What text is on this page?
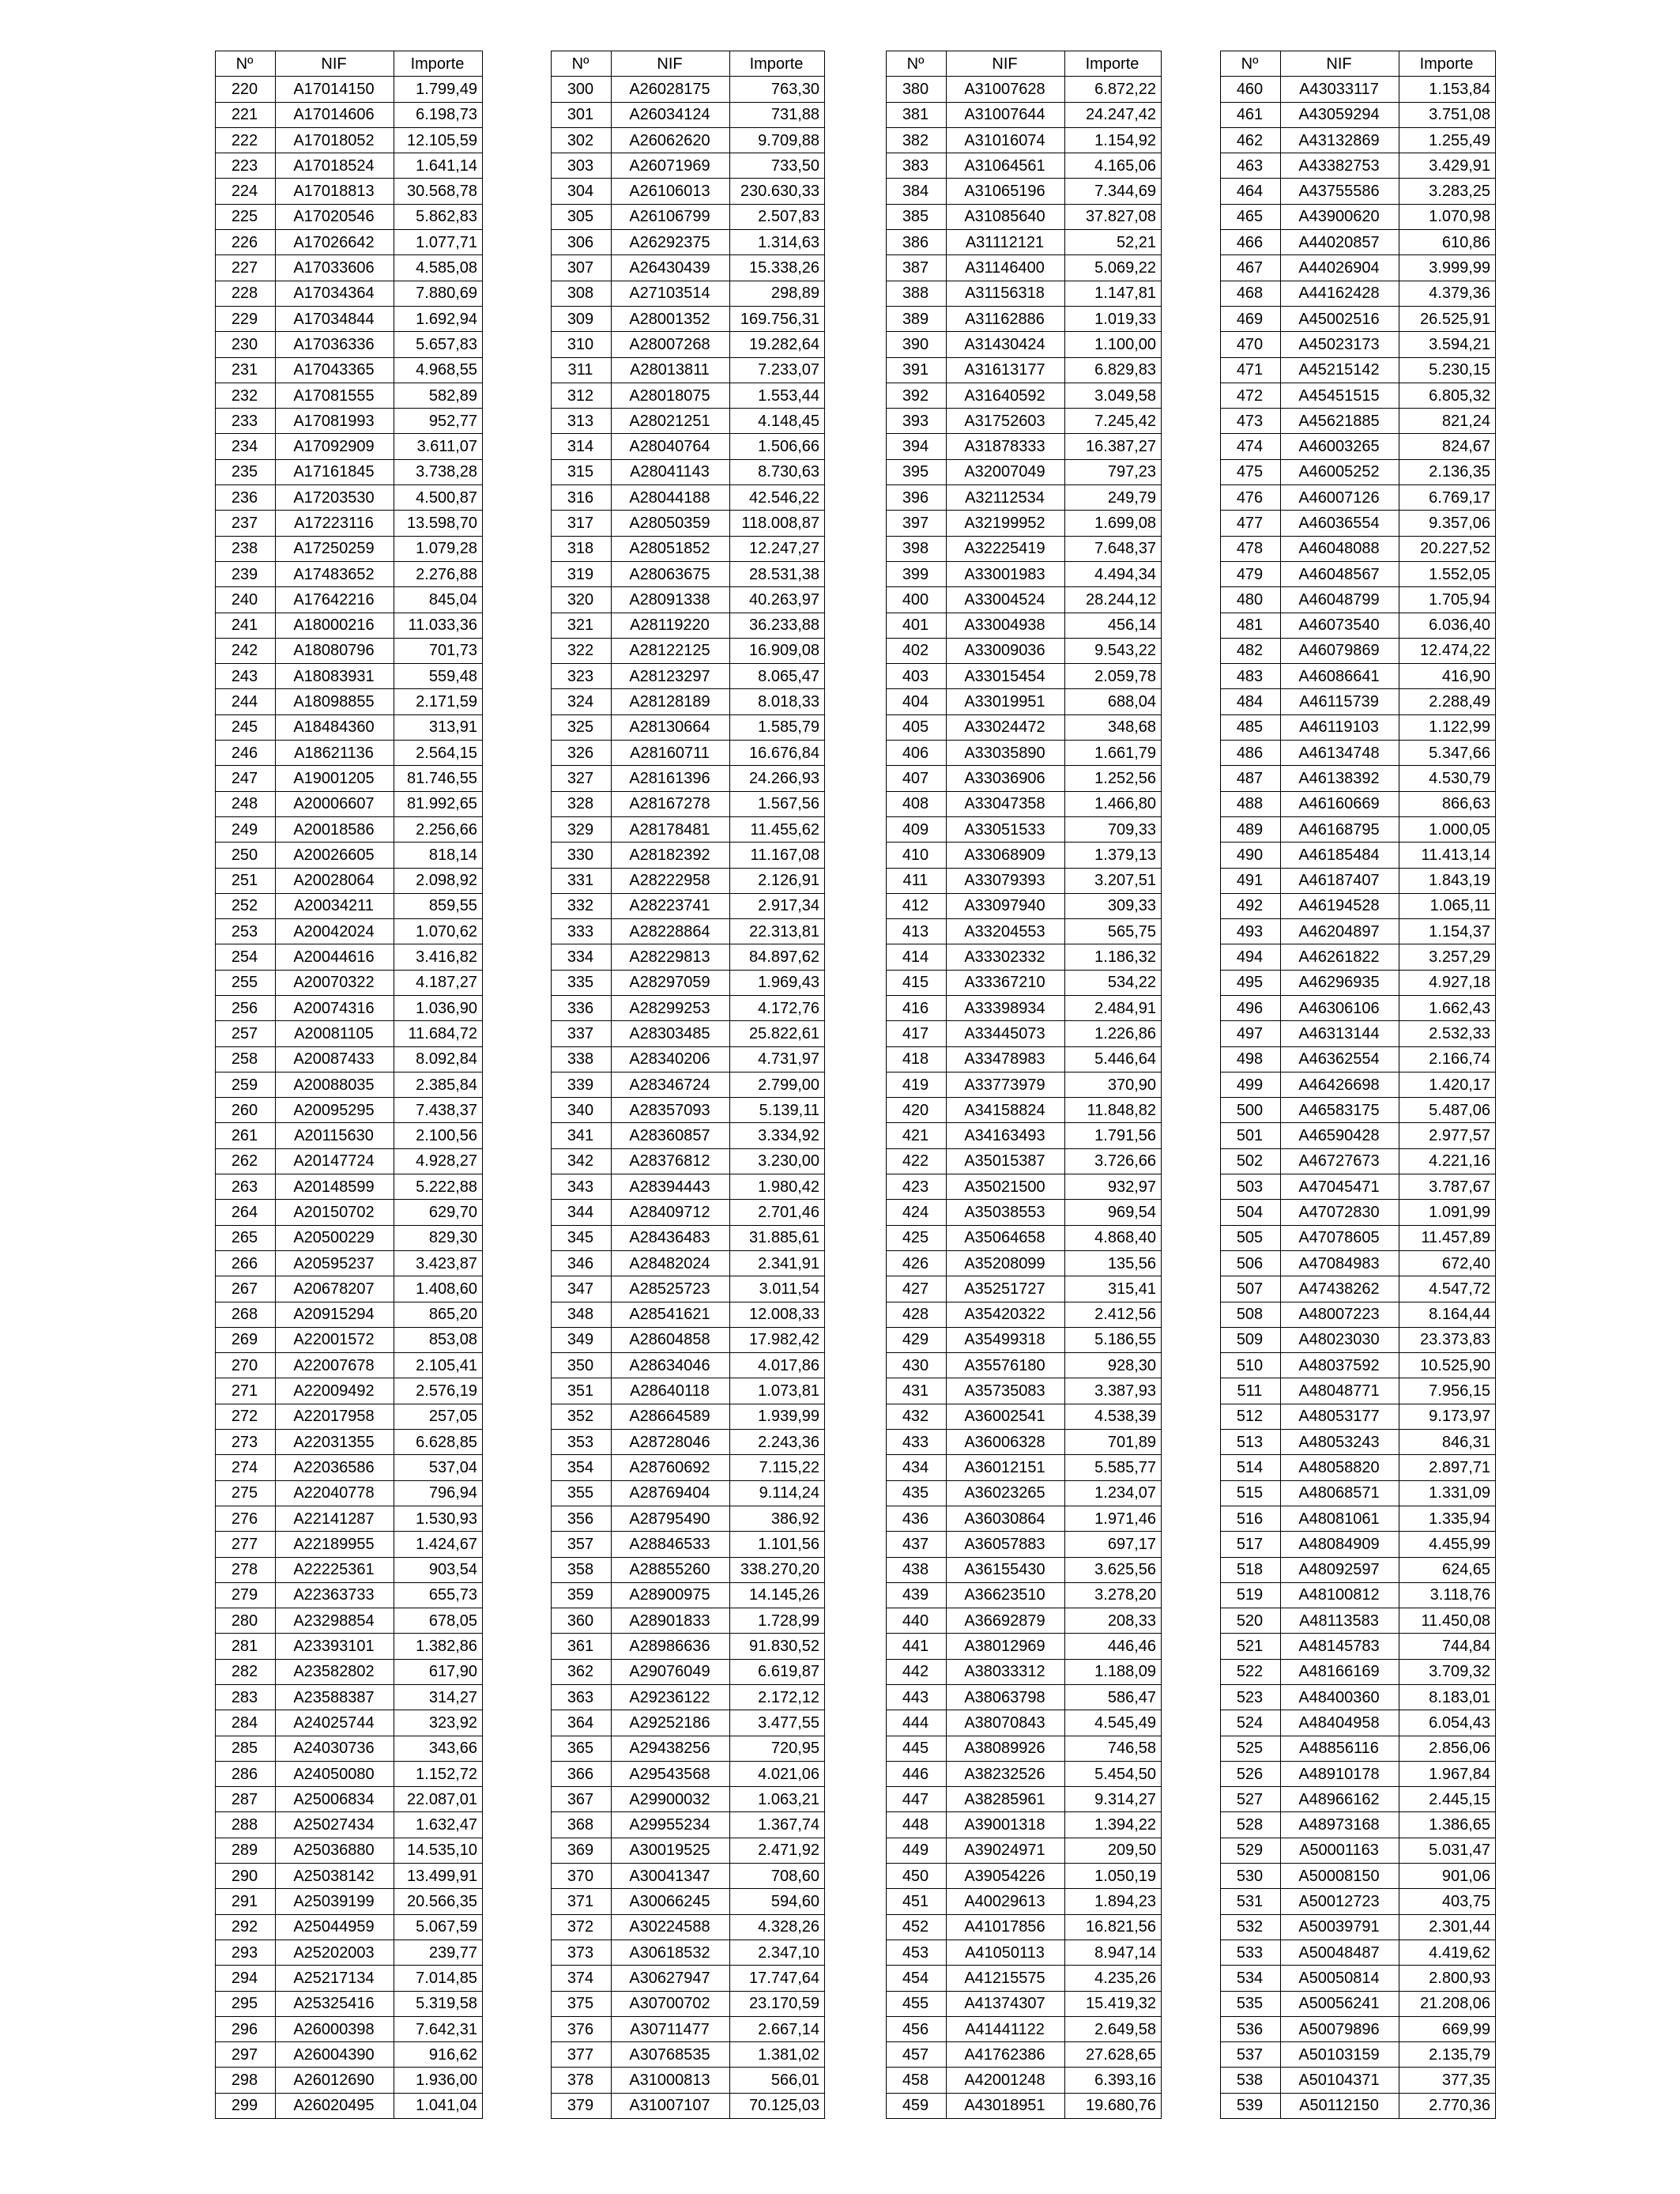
Nº	NIF	Importe
220	A17014150	1.799,49
221	A17014606	6.198,73
222	A17018052	12.105,59
223	A17018524	1.641,14
224	A17018813	30.568,78
225	A17020546	5.862,83
226	A17026642	1.077,71
227	A17033606	4.585,08
228	A17034364	7.880,69
229	A17034844	1.692,94
230	A17036336	5.657,83
231	A17043365	4.968,55
232	A17081555	582,89
233	A17081993	952,77
234	A17092909	3.611,07
235	A17161845	3.738,28
236	A17203530	4.500,87
237	A17223116	13.598,70
238	A17250259	1.079,28
239	A17483652	2.276,88
240	A17642216	845,04
241	A18000216	11.033,36
242	A18080796	701,73
243	A18083931	559,48
244	A18098855	2.171,59
245	A18484360	313,91
246	A18621136	2.564,15
247	A19001205	81.746,55
248	A20006607	81.992,65
249	A20018586	2.256,66
250	A20026605	818,14
251	A20028064	2.098,92
252	A20034211	859,55
253	A20042024	1.070,62
254	A20044616	3.416,82
255	A20070322	4.187,27
256	A20074316	1.036,90
257	A20081105	11.684,72
258	A20087433	8.092,84
259	A20088035	2.385,84
260	A20095295	7.438,37
261	A20115630	2.100,56
262	A20147724	4.928,27
263	A20148599	5.222,88
264	A20150702	629,70
265	A20500229	829,30
266	A20595237	3.423,87
267	A20678207	1.408,60
268	A20915294	865,20
269	A22001572	853,08
270	A22007678	2.105,41
271	A22009492	2.576,19
272	A22017958	257,05
273	A22031355	6.628,85
274	A22036586	537,04
275	A22040778	796,94
276	A22141287	1.530,93
277	A22189955	1.424,67
278	A22225361	903,54
279	A22363733	655,73
280	A23298854	678,05
281	A23393101	1.382,86
282	A23582802	617,90
283	A23588387	314,27
284	A24025744	323,92
285	A24030736	343,66
286	A24050080	1.152,72
287	A25006834	22.087,01
288	A25027434	1.632,47
289	A25036880	14.535,10
290	A25038142	13.499,91
291	A25039199	20.566,35
292	A25044959	5.067,59
293	A25202003	239,77
294	A25217134	7.014,85
295	A25325416	5.319,58
296	A26000398	7.642,31
297	A26004390	916,62
298	A26012690	1.936,00
299	A26020495	1.041,04
Nº	NIF	Importe
300	A26028175	763,30
301	A26034124	731,88
302	A26062620	9.709,88
303	A26071969	733,50
304	A26106013	230.630,33
305	A26106799	2.507,83
306	A26292375	1.314,63
307	A26430439	15.338,26
308	A27103514	298,89
309	A28001352	169.756,31
310	A28007268	19.282,64
311	A28013811	7.233,07
312	A28018075	1.553,44
313	A28021251	4.148,45
314	A28040764	1.506,66
315	A28041143	8.730,63
316	A28044188	42.546,22
317	A28050359	118.008,87
318	A28051852	12.247,27
319	A28063675	28.531,38
320	A28091338	40.263,97
321	A28119220	36.233,88
322	A28122125	16.909,08
323	A28123297	8.065,47
324	A28128189	8.018,33
325	A28130664	1.585,79
326	A28160711	16.676,84
327	A28161396	24.266,93
328	A28167278	1.567,56
329	A28178481	11.455,62
330	A28182392	11.167,08
331	A28222958	2.126,91
332	A28223741	2.917,34
333	A28228864	22.313,81
334	A28229813	84.897,62
335	A28297059	1.969,43
336	A28299253	4.172,76
337	A28303485	25.822,61
338	A28340206	4.731,97
339	A28346724	2.799,00
340	A28357093	5.139,11
341	A28360857	3.334,92
342	A28376812	3.230,00
343	A28394443	1.980,42
344	A28409712	2.701,46
345	A28436483	31.885,61
346	A28482024	2.341,91
347	A28525723	3.011,54
348	A28541621	12.008,33
349	A28604858	17.982,42
350	A28634046	4.017,86
351	A28640118	1.073,81
352	A28664589	1.939,99
353	A28728046	2.243,36
354	A28760692	7.115,22
355	A28769404	9.114,24
356	A28795490	386,92
357	A28846533	1.101,56
358	A28855260	338.270,20
359	A28900975	14.145,26
360	A28901833	1.728,99
361	A28986636	91.830,52
362	A29076049	6.619,87
363	A29236122	2.172,12
364	A29252186	3.477,55
365	A29438256	720,95
366	A29543568	4.021,06
367	A29900032	1.063,21
368	A29955234	1.367,74
369	A30019525	2.471,92
370	A30041347	708,60
371	A30066245	594,60
372	A30224588	4.328,26
373	A30618532	2.347,10
374	A30627947	17.747,64
375	A30700702	23.170,59
376	A30711477	2.667,14
377	A30768535	1.381,02
378	A31000813	566,01
379	A31007107	70.125,03
Nº	NIF	Importe
380	A31007628	6.872,22
381	A31007644	24.247,42
382	A31016074	1.154,92
383	A31064561	4.165,06
384	A31065196	7.344,69
385	A31085640	37.827,08
386	A31112121	52,21
387	A31146400	5.069,22
388	A31156318	1.147,81
389	A31162886	1.019,33
390	A31430424	1.100,00
391	A31613177	6.829,83
392	A31640592	3.049,58
393	A31752603	7.245,42
394	A31878333	16.387,27
395	A32007049	797,23
396	A32112534	249,79
397	A32199952	1.699,08
398	A32225419	7.648,37
399	A33001983	4.494,34
400	A33004524	28.244,12
401	A33004938	456,14
402	A33009036	9.543,22
403	A33015454	2.059,78
404	A33019951	688,04
405	A33024472	348,68
406	A33035890	1.661,79
407	A33036906	1.252,56
408	A33047358	1.466,80
409	A33051533	709,33
410	A33068909	1.379,13
411	A33079393	3.207,51
412	A33097940	309,33
413	A33204553	565,75
414	A33302332	1.186,32
415	A33367210	534,22
416	A33398934	2.484,91
417	A33445073	1.226,86
418	A33478983	5.446,64
419	A33773979	370,90
420	A34158824	11.848,82
421	A34163493	1.791,56
422	A35015387	3.726,66
423	A35021500	932,97
424	A35038553	969,54
425	A35064658	4.868,40
426	A35208099	135,56
427	A35251727	315,41
428	A35420322	2.412,56
429	A35499318	5.186,55
430	A35576180	928,30
431	A35735083	3.387,93
432	A36002541	4.538,39
433	A36006328	701,89
434	A36012151	5.585,77
435	A36023265	1.234,07
436	A36030864	1.971,46
437	A36057883	697,17
438	A36155430	3.625,56
439	A36623510	3.278,20
440	A36692879	208,33
441	A38012969	446,46
442	A38033312	1.188,09
443	A38063798	586,47
444	A38070843	4.545,49
445	A38089926	746,58
446	A38232526	5.454,50
447	A38285961	9.314,27
448	A39001318	1.394,22
449	A39024971	209,50
450	A39054226	1.050,19
451	A40029613	1.894,23
452	A41017856	16.821,56
453	A41050113	8.947,14
454	A41215575	4.235,26
455	A41374307	15.419,32
456	A41441122	2.649,58
457	A41762386	27.628,65
458	A42001248	6.393,16
459	A43018951	19.680,76
Nº	NIF	Importe
460	A43033117	1.153,84
461	A43059294	3.751,08
462	A43132869	1.255,49
463	A43382753	3.429,91
464	A43755586	3.283,25
465	A43900620	1.070,98
466	A44020857	610,86
467	A44026904	3.999,99
468	A44162428	4.379,36
469	A45002516	26.525,91
470	A45023173	3.594,21
471	A45215142	5.230,15
472	A45451515	6.805,32
473	A45621885	821,24
474	A46003265	824,67
475	A46005252	2.136,35
476	A46007126	6.769,17
477	A46036554	9.357,06
478	A46048088	20.227,52
479	A46048567	1.552,05
480	A46048799	1.705,94
481	A46073540	6.036,40
482	A46079869	12.474,22
483	A46086641	416,90
484	A46115739	2.288,49
485	A46119103	1.122,99
486	A46134748	5.347,66
487	A46138392	4.530,79
488	A46160669	866,63
489	A46168795	1.000,05
490	A46185484	11.413,14
491	A46187407	1.843,19
492	A46194528	1.065,11
493	A46204897	1.154,37
494	A46261822	3.257,29
495	A46296935	4.927,18
496	A46306106	1.662,43
497	A46313144	2.532,33
498	A46362554	2.166,74
499	A46426698	1.420,17
500	A46583175	5.487,06
501	A46590428	2.977,57
502	A46727673	4.221,16
503	A47045471	3.787,67
504	A47072830	1.091,99
505	A47078605	11.457,89
506	A47084983	672,40
507	A47438262	4.547,72
508	A48007223	8.164,44
509	A48023030	23.373,83
510	A48037592	10.525,90
511	A48048771	7.956,15
512	A48053177	9.173,97
513	A48053243	846,31
514	A48058820	2.897,71
515	A48068571	1.331,09
516	A48081061	1.335,94
517	A48084909	4.455,99
518	A48092597	624,65
519	A48100812	3.118,76
520	A48113583	11.450,08
521	A48145783	744,84
522	A48166169	3.709,32
523	A48400360	8.183,01
524	A48404958	6.054,43
525	A48856116	2.856,06
526	A48910178	1.967,84
527	A48966162	2.445,15
528	A48973168	1.386,65
529	A50001163	5.031,47
530	A50008150	901,06
531	A50012723	403,75
532	A50039791	2.301,44
533	A50048487	4.419,62
534	A50050814	2.800,93
535	A50056241	21.208,06
536	A50079896	669,99
537	A50103159	2.135,79
538	A50104371	377,35
539	A50112150	2.770,36
